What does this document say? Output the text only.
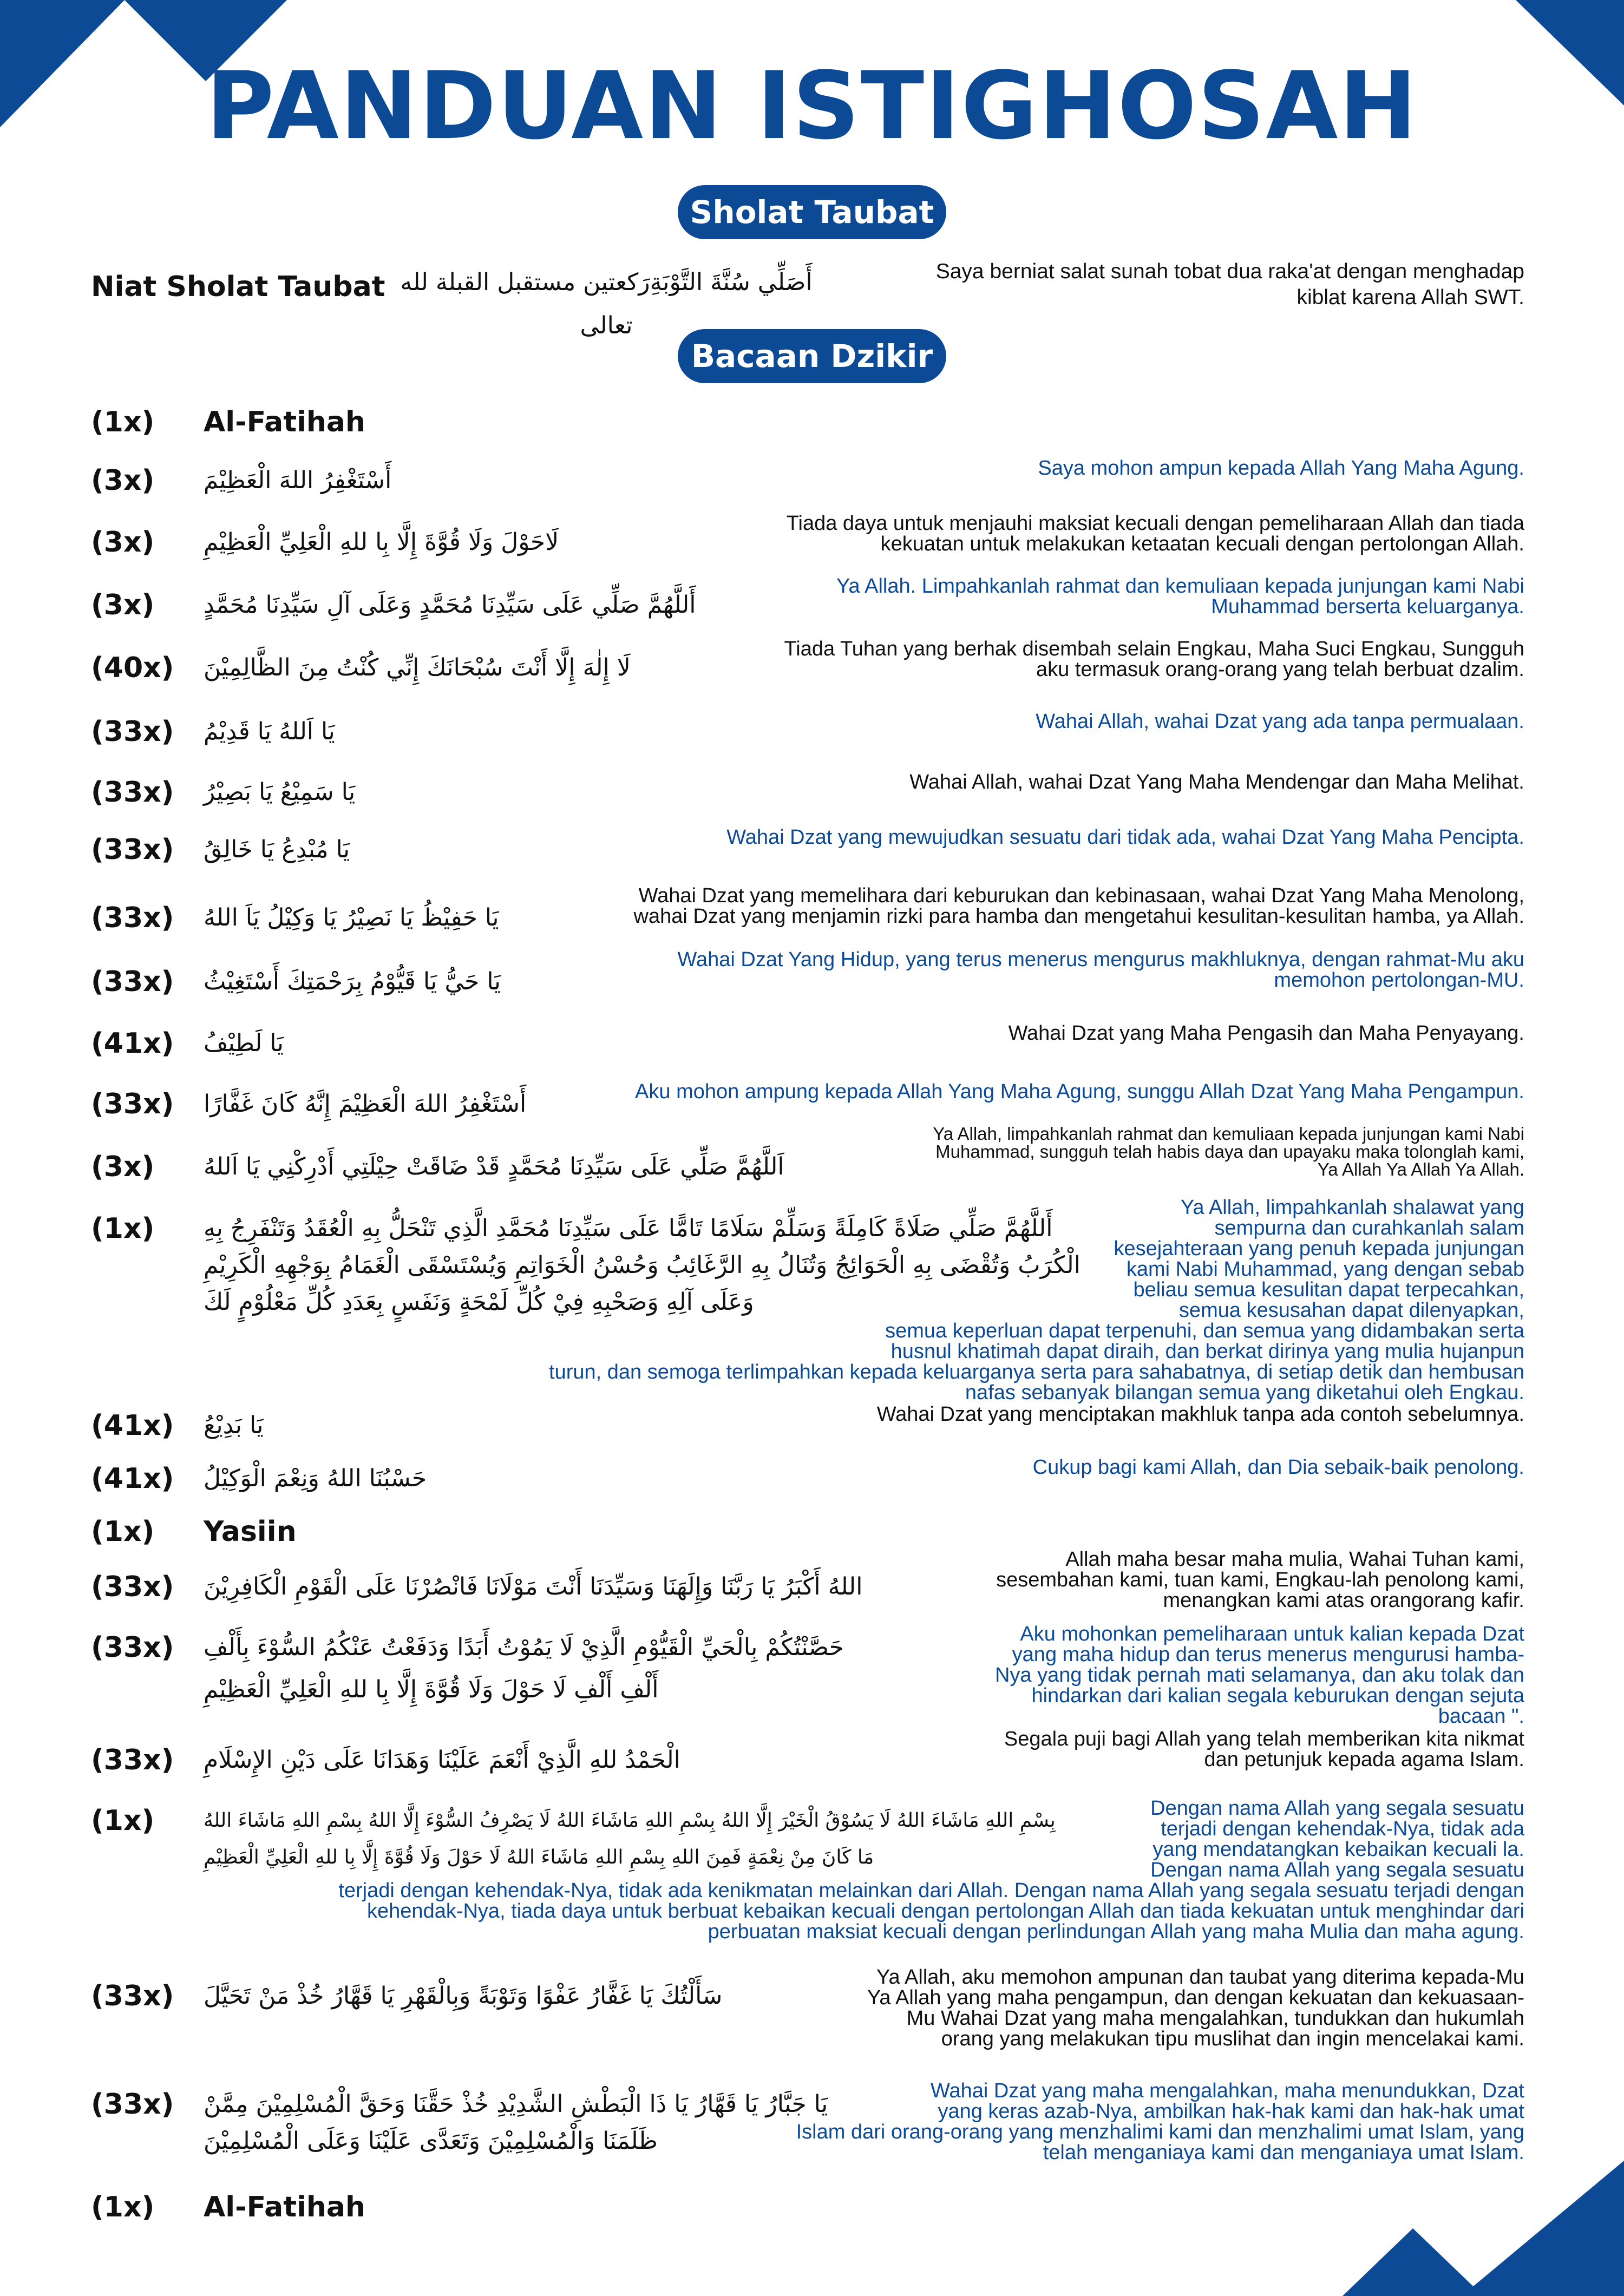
PANDUAN ISTIGHOSAH
Sholat Taubat
Niat Sholat Taubat أَصَلِّي سُنَّةَ التَّوْبَةِرَكعتين مستقبل القبلة لله تعالى
Saya berniat salat sunah tobat dua raka'at dengan menghadap
kiblat karena Allah SWT.
Bacaan Dzikir
(1x) Al-Fatihah
(3x) أَسْتَغْفِرُ اللهَ الْعَظِيْمَ	Saya mohon ampun kepada Allah Yang Maha Agung.
(3x) لَاحَوْلَ وَلَا قُوَّةَ إِلَّا بِا للهِ الْعَلِيِّ الْعَظِيْمِ
Tiada daya untuk menjauhi maksiat kecuali dengan pemeliharaan Allah dan tiada
kekuatan untuk melakukan ketaatan kecuali dengan pertolongan Allah.
(3x) أَللَّهُمَّ صَلِّي عَلَى سَيِّدِنَا مُحَمَّدٍ وَعَلَى آلِ سَيِّدِنَا مُحَمَّدٍ
Ya Allah. Limpahkanlah rahmat dan kemuliaan kepada junjungan kami Nabi
Muhammad berserta keluarganya.
(40x) لَا إِلٰهَ إِلَّا أَنْتَ سُبْحَانَكَ إِنِّي كُنْتُ مِنَ الظَّالِمِيْنَ
Tiada Tuhan yang berhak disembah selain Engkau, Maha Suci Engkau, Sungguh
aku termasuk orang-orang yang telah berbuat dzalim.
(33x) يَا اَللهُ يَا قَدِيْمُ	Wahai Allah, wahai Dzat yang ada tanpa permualaan.
(33x) يَا سَمِيْعُ يَا بَصِيْرُ	Wahai Allah, wahai Dzat Yang Maha Mendengar dan Maha Melihat.
(33x) يَا مُبْدِعُ يَا خَالِقُ	Wahai Dzat yang mewujudkan sesuatu dari tidak ada, wahai Dzat Yang Maha Pencipta.
(33x) يَا حَفِيْظُ يَا نَصِيْرُ يَا وَكِيْلُ يَاَ اللهُ
Wahai Dzat yang memelihara dari keburukan dan kebinasaan, wahai Dzat Yang Maha Menolong,
wahai Dzat yang menjamin rizki para hamba dan mengetahui kesulitan-kesulitan hamba, ya Allah.
(33x) يَا حَيُّ يَا قَيُّوْمُ بِرَحْمَتِكَ أَسْتَغِيْثُ
Wahai Dzat Yang Hidup, yang terus menerus mengurus makhluknya, dengan rahmat-Mu aku
memohon pertolongan-MU.
(41x) يَا لَطِيْفُ	Wahai Dzat yang Maha Pengasih dan Maha Penyayang.
(33x) أَسْتَغْفِرُ اللهَ الْعَظِيْمَ إِنَّهُ كَانَ غَفَّارًا	Aku mohon ampung kepada Allah Yang Maha Agung, sunggu Allah Dzat Yang Maha Pengampun.
(3x) اَللَّهُمَّ صَلِّي عَلَى سَيِّدِنَا مُحَمَّدٍ قَدْ ضَاقَتْ حِيْلَتِي أَدْرِكْنِي يَا اَللهُ
Ya Allah, limpahkanlah rahmat dan kemuliaan kepada junjungan kami Nabi
Muhammad, sungguh telah habis daya dan upayaku maka tolonglah kami,
Ya Allah Ya Allah Ya Allah.
(1x) أَللَّهُمَّ صَلِّي صَلَاةً كَامِلَةً وَسَلِّمْ سَلَامًا تَامًّا عَلَى سَيِّدِنَا مُحَمَّدِ الَّذِي تَنْحَلُّ بِهِ الْعُقَدُ وَتَنْفَرِجُ بِهِ
الْكُرَبُ وَتُقْضَى بِهِ الْحَوَائِجُ وَتُنَالُ بِهِ الرَّغَائِبُ وَحُسْنُ الْخَوَاتِمِ وَيُسْتَسْقَى الْغَمَامُ بِوَجْهِهِ الْكَرِيْمِ
وَعَلَى آلِهِ وَصَحْبِهِ فِيْ كُلِّ لَمْحَةٍ وَنَفَسٍ بِعَدَدِ كُلِّ مَعْلُوْمٍ لَكَ
Ya Allah, limpahkanlah shalawat yang
sempurna dan curahkanlah salam
kesejahteraan yang penuh kepada junjungan
kami Nabi Muhammad, yang dengan sebab
beliau semua kesulitan dapat terpecahkan,
semua kesusahan dapat dilenyapkan,
semua keperluan dapat terpenuhi, dan semua yang didambakan serta
husnul khatimah dapat diraih, dan berkat dirinya yang mulia hujanpun
turun, dan semoga terlimpahkan kepada keluarganya serta para sahabatnya, di setiap detik dan hembusan
nafas sebanyak bilangan semua yang diketahui oleh Engkau.
(41x) يَا بَدِيْعُ	Wahai Dzat yang menciptakan makhluk tanpa ada contoh sebelumnya.
(41x) حَسْبُنَا اللهُ وَنِعْمَ الْوَكِيْلُ	Cukup bagi kami Allah, dan Dia sebaik-baik penolong.
(1x) Yasiin
(33x) اللهُ أَكْبَرُ يَا رَبَّنَا وَإِلَهَنَا وَسَيِّدَنَا أَنْتَ مَوْلَانَا فَانْصُرْنَا عَلَى الْقَوْمِ الْكَافِرِيْنَ
Allah maha besar maha mulia, Wahai Tuhan kami,
sesembahan kami, tuan kami, Engkau-lah penolong kami,
menangkan kami atas orangorang kafir.
(33x) حَصَّنْتُكُمْ بِالْحَيِّ الْقَيُّوْمِ الَّذِيْ لَا يَمُوْتُ أَبَدًا وَدَفَعْتُ عَنْكُمُ السُّوْءَ بِأَلْفِ
أَلْفِ أَلْفِ لَا حَوْلَ وَلَا قُوَّةَ إِلَّا بِا للهِ الْعَلِيِّ الْعَظِيْمِ
Aku mohonkan pemeliharaan untuk kalian kepada Dzat
yang maha hidup dan terus menerus mengurusi hamba-
Nya yang tidak pernah mati selamanya, dan aku tolak dan
hindarkan dari kalian segala keburukan dengan sejuta
bacaan ".
(33x) الْحَمْدُ للهِ الَّذِيْ أَنْعَمَ عَلَيْنَا وَهَدَانَا عَلَى دَيْنِ الإِسْلَامِ
Segala puji bagi Allah yang telah memberikan kita nikmat
dan petunjuk kepada agama Islam.
(1x)	بِسْمِ اللهِ مَاشَاءَ اللهُ لَا يَسُوْقُ الْخَيْرَ إِلَّا اللهُ بِسْمِ اللهِ مَاشَاءَ اللهُ لَا يَصْرِفُ السُّوْءَ إِلَّا اللهُ بِسْمِ اللهِ مَاشَاءَ اللهُ
مَا كَانَ مِنْ نِعْمَةٍ فَمِنَ اللهِ بِسْمِ اللهِ مَاشَاءَ اللهُ لَا حَوْلَ وَلَا قُوَّةَ إِلَّا بِا للهِ الْعَلِيِّ الْعَظِيْمِ
Dengan nama Allah yang segala sesuatu
terjadi dengan kehendak-Nya, tidak ada
yang mendatangkan kebaikan kecuali la.
Dengan nama Allah yang segala sesuatu
terjadi dengan kehendak-Nya, tidak ada kenikmatan melainkan dari Allah. Dengan nama Allah yang segala sesuatu terjadi dengan
kehendak-Nya, tiada daya untuk berbuat kebaikan kecuali dengan pertolongan Allah dan tiada kekuatan untuk menghindar dari
perbuatan maksiat kecuali dengan perlindungan Allah yang maha Mulia dan maha agung.
(33x) سَأَلْتُكَ يَا غَفَّارُ عَفْوًا وَتَوْبَةً وَبِالْقَهْرِ يَا قَهَّارُ خُذْ مَنْ تَحَيَّلَ
Ya Allah, aku memohon ampunan dan taubat yang diterima kepada-Mu
Ya Allah yang maha pengampun, dan dengan kekuatan dan kekuasaan-
Mu Wahai Dzat yang maha mengalahkan, tundukkan dan hukumlah
orang yang melakukan tipu muslihat dan ingin mencelakai kami.
(33x) يَا جَبَّارُ يَا قَهَّارُ يَا ذَا الْبَطْشِ الشَّدِيْدِ خُذْ حَقَّنَا وَحَقَّ الْمُسْلِمِيْنَ مِمَّنْ
ظَلَمَنَا وَالْمُسْلِمِيْنَ وَتَعَدَّى عَلَيْنَا وَعَلَى الْمُسْلِمِيْنَ
Wahai Dzat yang maha mengalahkan, maha menundukkan, Dzat
yang keras azab-Nya, ambilkan hak-hak kami dan hak-hak umat
Islam dari orang-orang yang menzhalimi kami dan menzhalimi umat Islam, yang
telah menganiaya kami dan menganiaya umat Islam.
(1x) Al-Fatihah
